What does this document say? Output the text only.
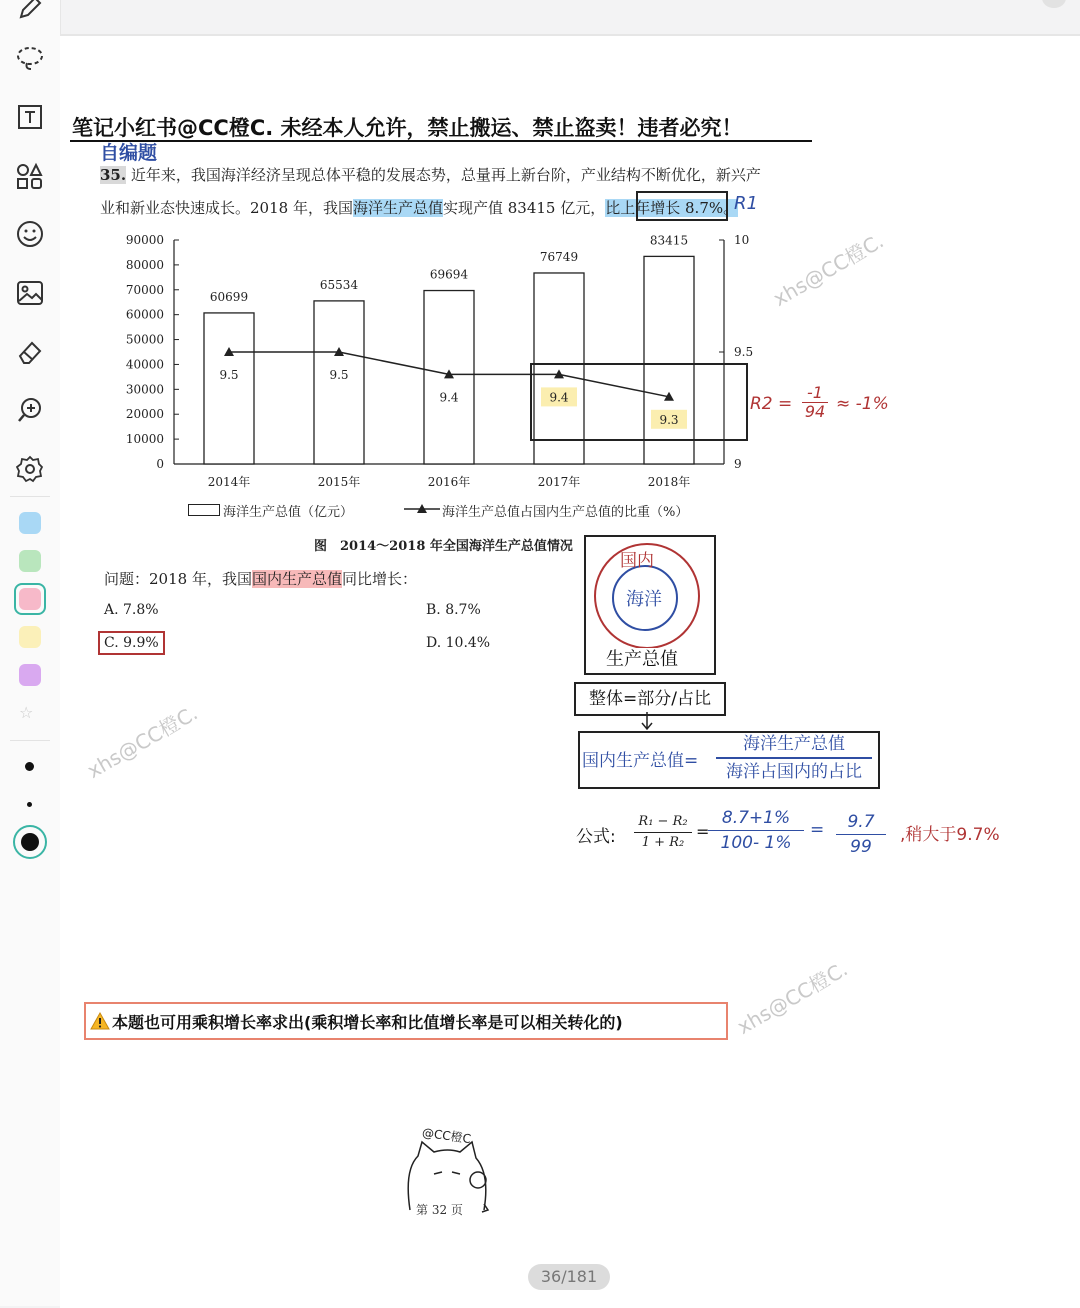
☆
笔记小红书@CC橙C. 未经本人允许，禁止搬运、禁止盗卖！违者必究！
自编题
35. 近年来，我国海洋经济呈现总体平稳的发展态势，总量再上新台阶，产业结构不断优化，新兴产
业和新业态快速成长。2018 年，我国海洋生产总值实现产值 83415 亿元，比上年增长 8.7%。
R1
90000
80000
70000
60000
50000
40000
30000
20000
10000
0
10
9.5
9
60699
2014年
65534
2015年
69694
2016年
76749
2017年
83415
2018年
9.5	9.5
9.4	9.4
9.3
图　2014～2018 年全国海洋生产总值情况
海洋生产总值（亿元）	海洋生产总值占国内生产总值的比重（%）
$R2 = \frac{-1}{94} \approx -1\%$
问题：2018 年，我国国内生产总值同比增长：
A. 7.8%	B. 8.7%
C. 9.9%	D. 10.4%
国内
海洋
生产总值
整体=部分/占比
国内生产总值=
海洋生产总值
海洋占国内的占比
公式: $\frac{\text{R₁ − R₂}}{\text{1 + R₂}}$ =
$\frac{8.7+1\%}{100- 1\%} = \frac{9.7}{99}$ ,稍大于9.7%
本题也可用乘积增长率求出(乘积增长率和比值增长率是可以相关转化的)
xhs@CC橙C.
xhs@CC橙C.
xhs@CC橙C.
@CC橙C.
第 32 页
36/181
